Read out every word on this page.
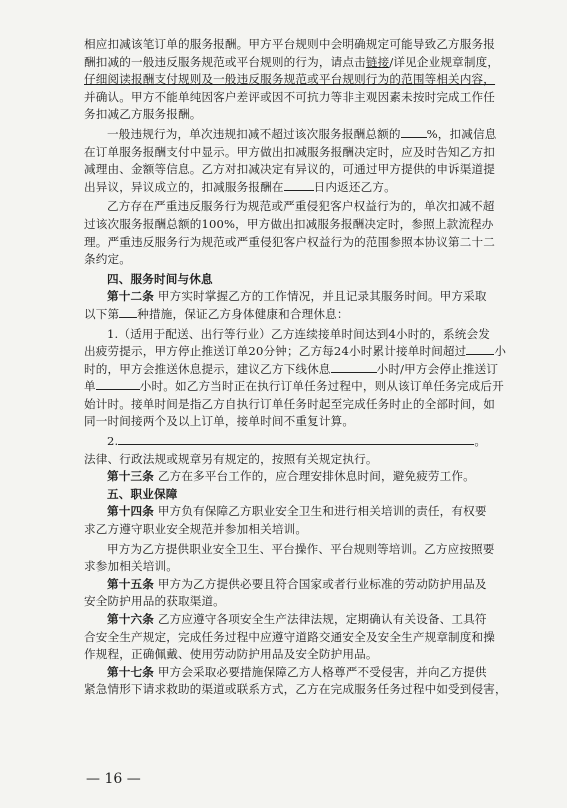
相应扣减该笔订单的服务报酬。甲方平台规则中会明确规定可能导致乙方服务报
酬扣减的一般违反服务规范或平台规则的行为，请点击链接/详见企业规章制度，
仔细阅读报酬支付规则及一般违反服务规范或平台规则行为的范围等相关内容，
并确认。甲方不能单纯因客户差评或因不可抗力等非主观因素未按时完成工作任
务扣减乙方服务报酬。
一般违规行为，单次违规扣减不超过该次服务报酬总额的 %，扣减信息
在订单服务报酬支付中显示。甲方做出扣减服务报酬决定时，应及时告知乙方扣
减理由、金额等信息。乙方对扣减决定有异议的，可通过甲方提供的申诉渠道提
出异议，异议成立的，扣减服务报酬在	日内返还乙方。
乙方存在严重违反服务行为规范或严重侵犯客户权益行为的，单次扣减不超
过该次服务报酬总额的100%，甲方做出扣减服务报酬决定时，参照上款流程办
理。严重违反服务行为规范或严重侵犯客户权益行为的范围参照本协议第二十二
条约定。
四、服务时间与休息
第十二条 甲方实时掌握乙方的工作情况，并且记录其服务时间。甲方采取
以下第 种措施，保证乙方身体健康和合理休息：
1.（适用于配送、出行等行业）乙方连续接单时间达到4小时的，系统会发
出疲劳提示，甲方停止推送订单20分钟；乙方每24小时累计接单时间超过 小
时的，甲方会推送休息提示，建议乙方下线休息	小时/甲方会停止推送订
单	小时。如乙方当时正在执行订单任务过程中，则从该订单任务完成后开
始计时。接单时间是指乙方自执行订单任务时起至完成任务时止的全部时间，如
同一时间接两个及以上订单，接单时间不重复计算。
2.	。
法律、行政法规或规章另有规定的，按照有关规定执行。
第十三条 乙方在多平台工作的，应合理安排休息时间，避免疲劳工作。
五、职业保障
第十四条 甲方负有保障乙方职业安全卫生和进行相关培训的责任，有权要
求乙方遵守职业安全规范并参加相关培训。
甲方为乙方提供职业安全卫生、平台操作、平台规则等培训。乙方应按照要
求参加相关培训。
第十五条 甲方为乙方提供必要且符合国家或者行业标准的劳动防护用品及
安全防护用品的获取渠道。
第十六条 乙方应遵守各项安全生产法律法规，定期确认有关设备、工具符
合安全生产规定，完成任务过程中应遵守道路交通安全及安全生产规章制度和操
作规程，正确佩戴、使用劳动防护用品及安全防护用品。
第十七条 甲方会采取必要措施保障乙方人格尊严不受侵害，并向乙方提供
紧急情形下请求救助的渠道或联系方式，乙方在完成服务任务过程中如受到侵害，
— 16 —
